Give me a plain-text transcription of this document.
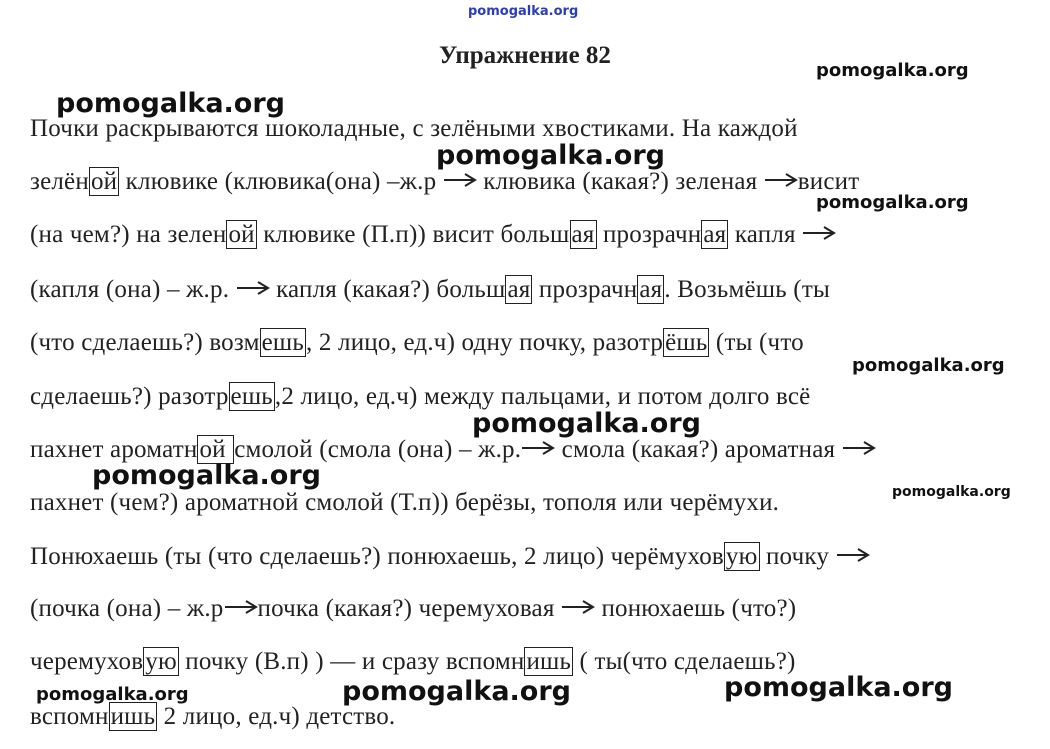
pomogalka.org
Упражнение 82
Почки раскрываются шоколадные, с зелёными хвостиками. На каждой
зелёной клювике (клювика(она) –ж.р
клювика (какая?) зеленая
висит
(на чем?) на зеленой клювике (П.п)) висит большая прозрачная капля
(капля (она) – ж.р.
капля (какая?) большая прозрачная. Возьмёшь (ты
(что сделаешь?) возмешь, 2 лицо, ед.ч) одну почку, разотрёшь (ты (что
сделаешь?) разотрешь,2 лицо, ед.ч) между пальцами, и потом долго всё
пахнет ароматной смолой (смола (она) – ж.р.
смола (какая?) ароматная
пахнет (чем?) ароматной смолой (Т.п)) берёзы, тополя или черёмухи.
Понюхаешь (ты (что сделаешь?) понюхаешь, 2 лицо) черёмуховую почку
(почка (она) – ж.р почка (какая?) черемуховая
понюхаешь (что?)
черемуховую почку (В.п) ) — и сразу вспомнишь ( ты(что сделаешь?)
вспомнишь 2 лицо, ед.ч) детство.
pomogalka.org
pomogalka.org
pomogalka.org
pomogalka.org
pomogalka.org
pomogalka.org
pomogalka.org
pomogalka.org
pomogalka.org	pomogalka.org	pomogalka.org
